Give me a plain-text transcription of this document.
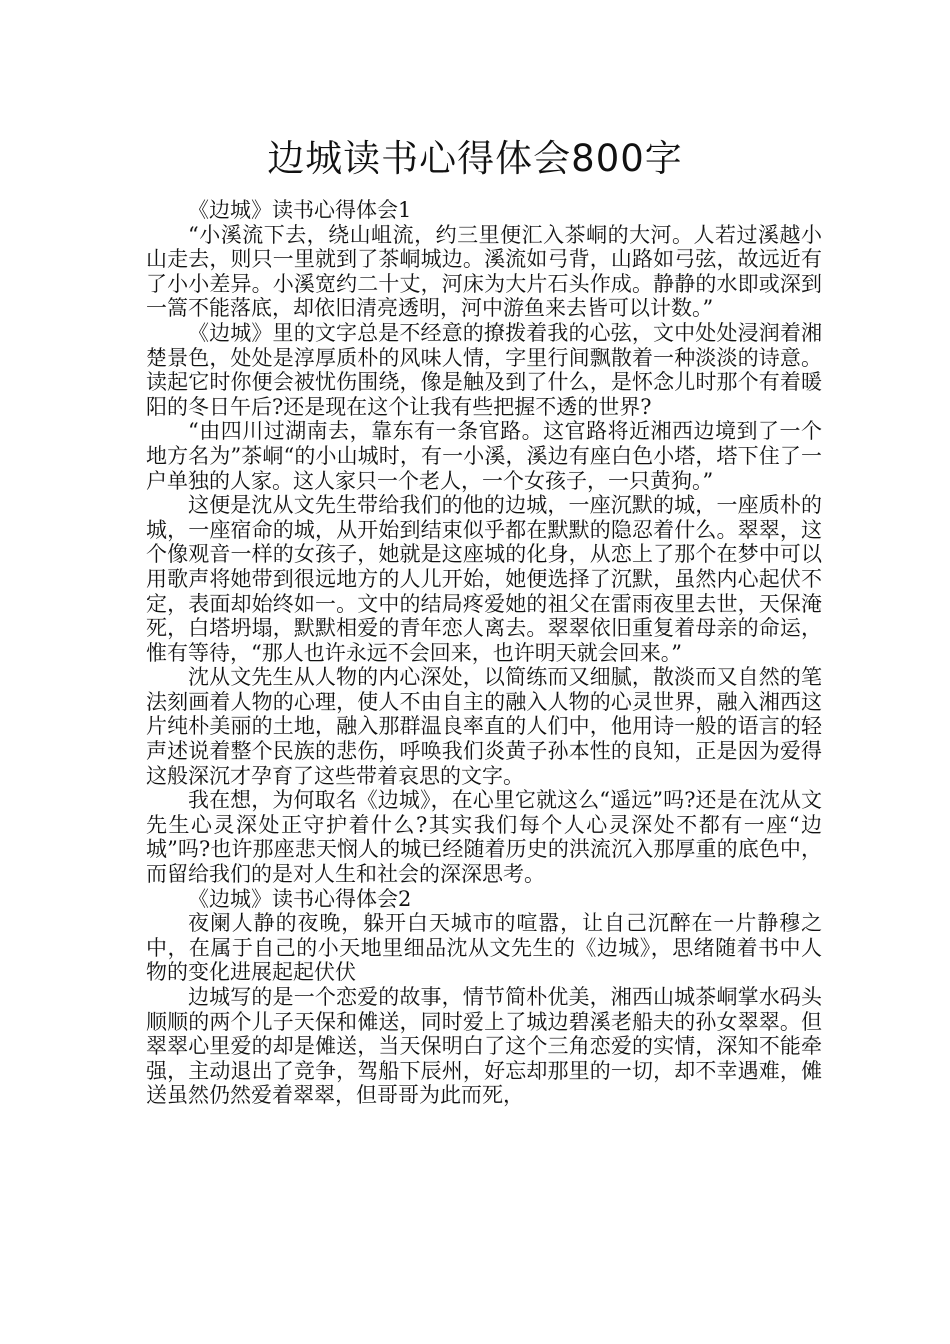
边城读书心得体会800字

《边城》读书心得体会1

“小溪流下去，绕山岨流，约三里便汇入茶峒的大河。人若过溪越小山走去，则只一里就到了茶峒城边。溪流如弓背，山路如弓弦，故远近有了小小差异。小溪宽约二十丈，河床为大片石头作成。静静的水即或深到一篙不能落底，却依旧清亮透明，河中游鱼来去皆可以计数。”

《边城》里的文字总是不经意的撩拨着我的心弦，文中处处浸润着湘楚景色，处处是淳厚质朴的风味人情，字里行间飘散着一种淡淡的诗意。读起它时你便会被忧伤围绕，像是触及到了什么，是怀念儿时那个有着暖阳的冬日午后?还是现在这个让我有些把握不透的世界?

“由四川过湖南去，靠东有一条官路。这官路将近湘西边境到了一个地方名为”茶峒“的小山城时，有一小溪，溪边有座白色小塔，塔下住了一户单独的人家。这人家只一个老人，一个女孩子，一只黄狗。”

这便是沈从文先生带给我们的他的边城，一座沉默的城，一座质朴的城，一座宿命的城，从开始到结束似乎都在默默的隐忍着什么。翠翠，这个像观音一样的女孩子，她就是这座城的化身，从恋上了那个在梦中可以用歌声将她带到很远地方的人儿开始，她便选择了沉默，虽然内心起伏不定，表面却始终如一。文中的结局疼爱她的祖父在雷雨夜里去世，天保淹死，白塔坍塌，默默相爱的青年恋人离去。翠翠依旧重复着母亲的命运，惟有等待，“那人也许永远不会回来，也许明天就会回来。”

沈从文先生从人物的内心深处，以简练而又细腻，散淡而又自然的笔法刻画着人物的心理，使人不由自主的融入人物的心灵世界，融入湘西这片纯朴美丽的土地，融入那群温良率直的人们中，他用诗一般的语言的轻声述说着整个民族的悲伤，呼唤我们炎黄子孙本性的良知，正是因为爱得这般深沉才孕育了这些带着哀思的文字。

我在想，为何取名《边城》，在心里它就这么“遥远”吗?还是在沈从文先生心灵深处正守护着什么?其实我们每个人心灵深处不都有一座“边城”吗?也许那座悲天悯人的城已经随着历史的洪流沉入那厚重的底色中，而留给我们的是对人生和社会的深深思考。

《边城》读书心得体会2

夜阑人静的夜晚，躲开白天城市的喧嚣，让自己沉醉在一片静穆之中，在属于自己的小天地里细品沈从文先生的《边城》，思绪随着书中人物的变化进展起起伏伏

边城写的是一个恋爱的故事，情节简朴优美，湘西山城茶峒掌水码头顺顺的两个儿子天保和傩送，同时爱上了城边碧溪老船夫的孙女翠翠。但翠翠心里爱的却是傩送，当天保明白了这个三角恋爱的实情，深知不能牵强，主动退出了竞争，驾船下辰州，好忘却那里的一切，却不幸遇难，傩送虽然仍然爱着翠翠，但哥哥为此而死，
